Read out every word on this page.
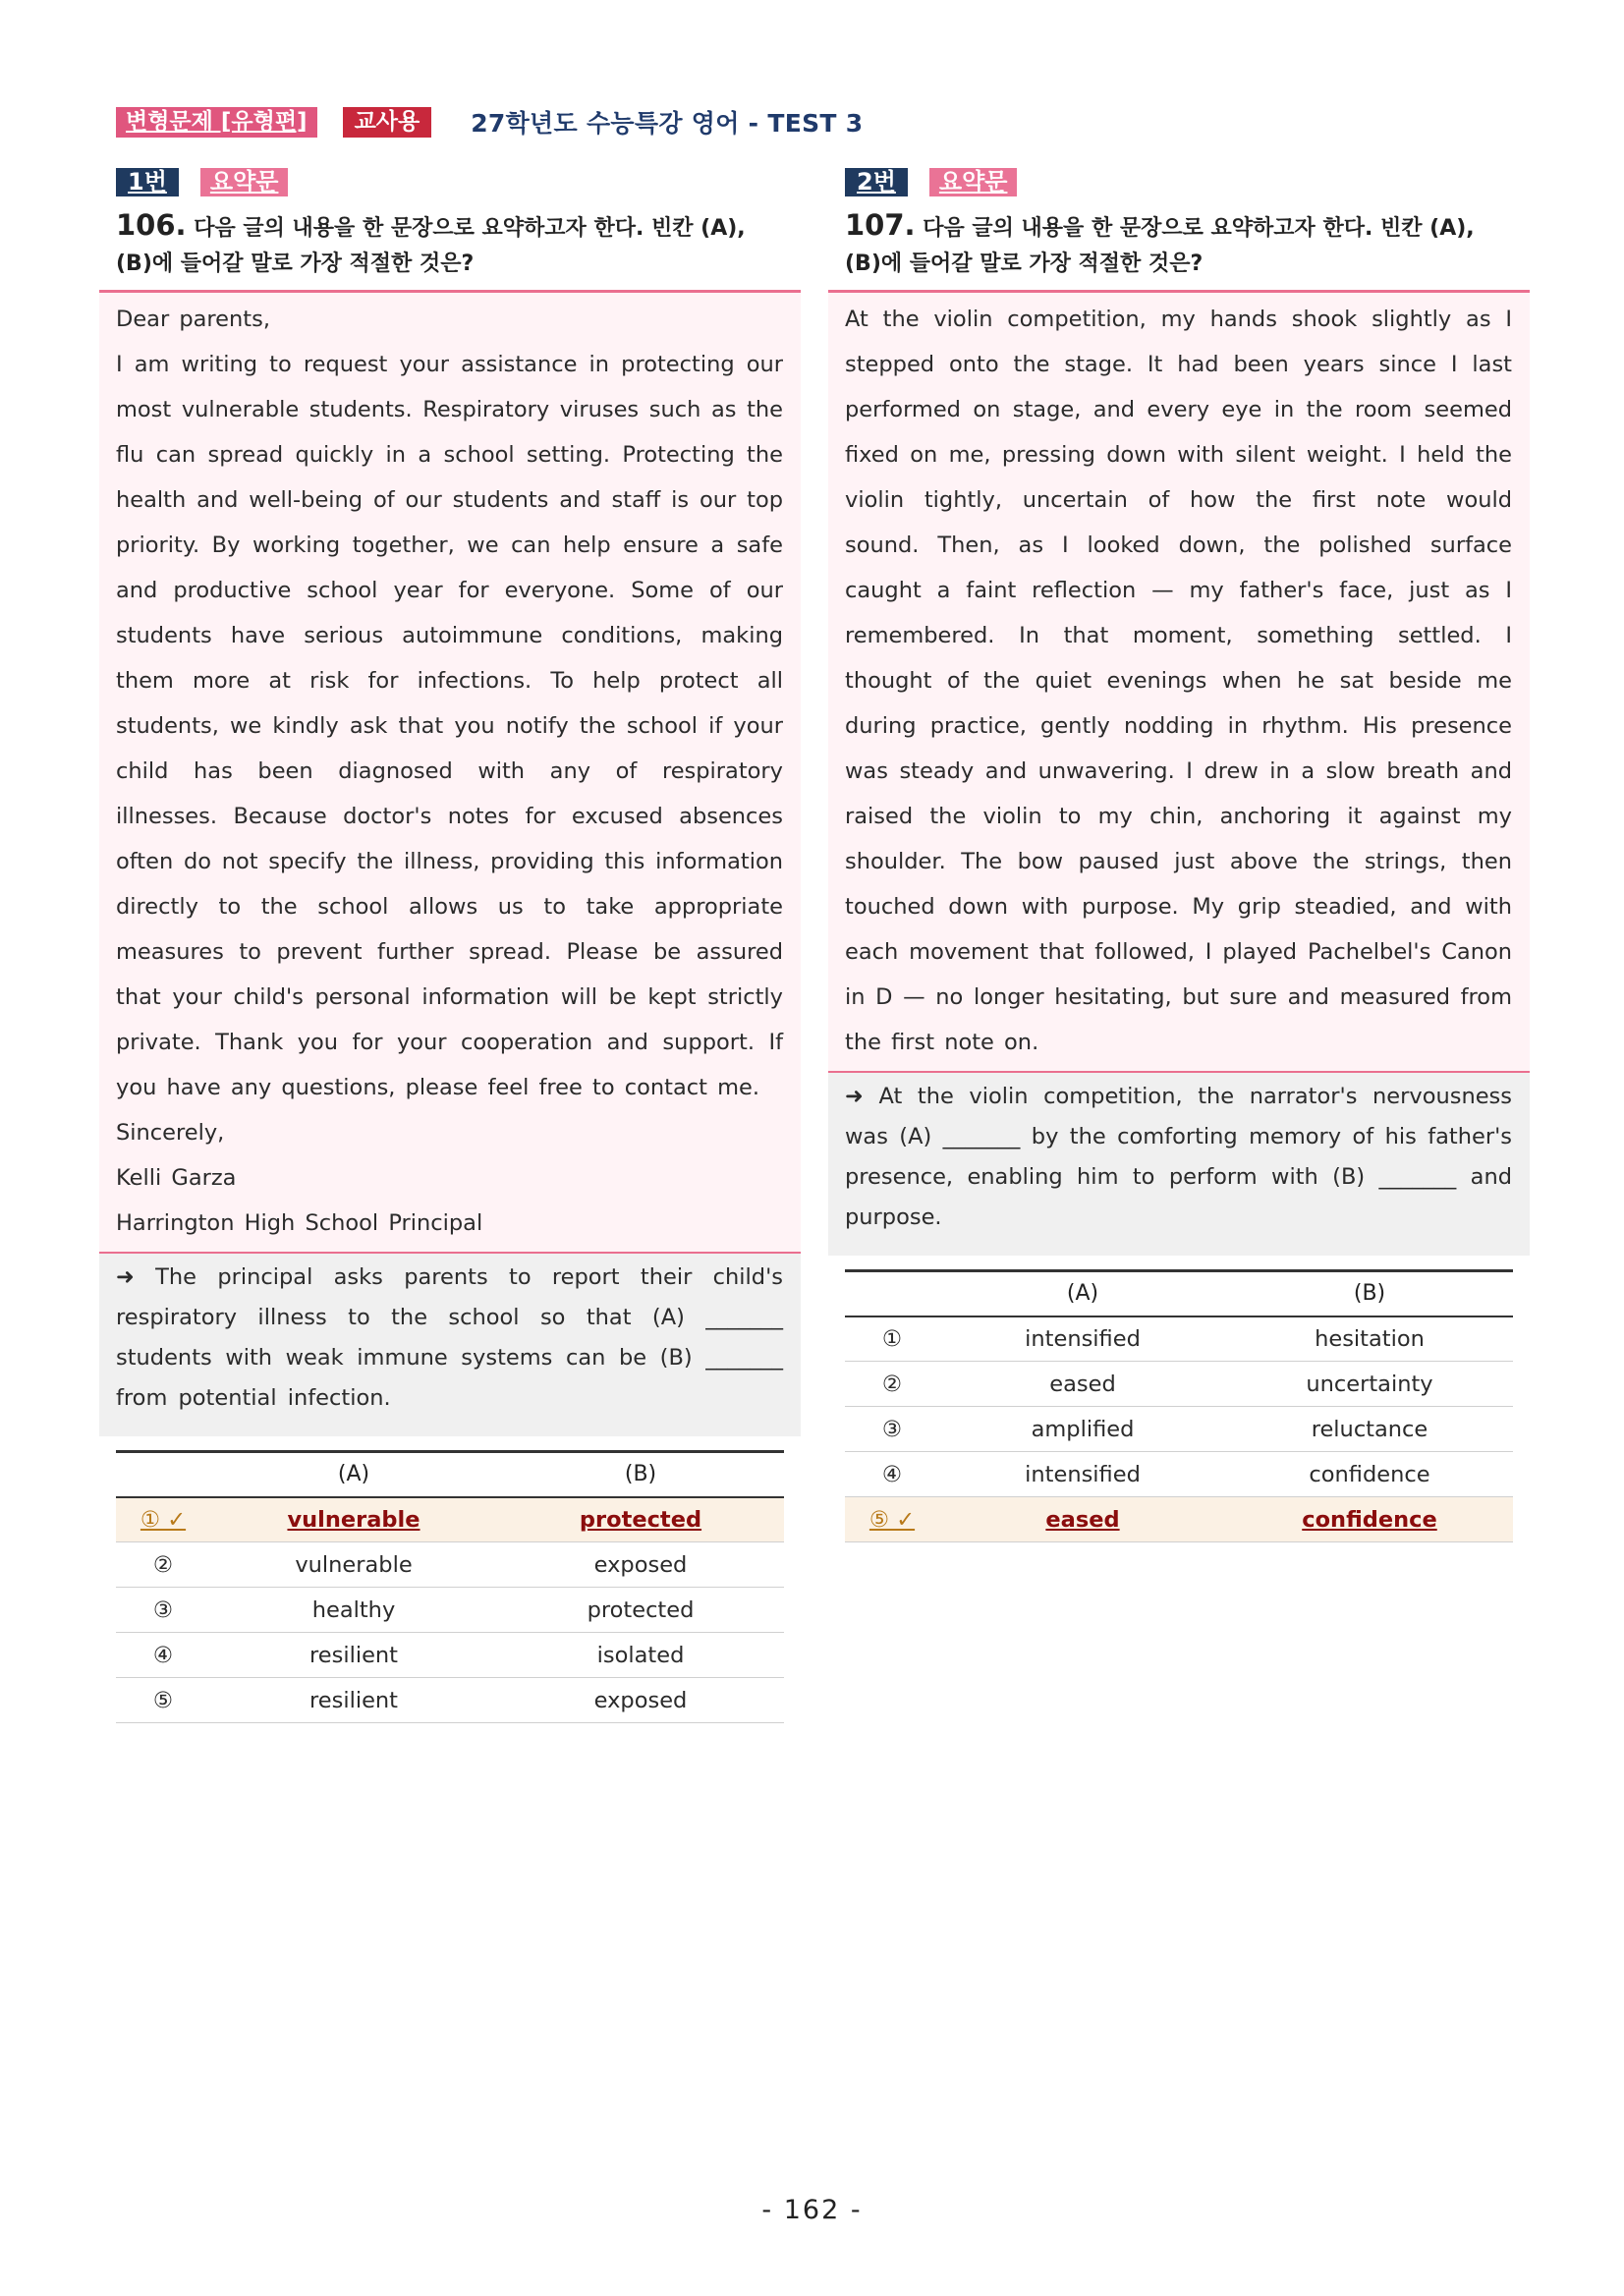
변형문제 [유형편]	교사용	27학년도 수능특강 영어 - TEST 3
1번	요약문
106. 다음 글의 내용을 한 문장으로 요약하고자 한다. 빈칸 (A), (B)에 들어갈 말로 가장 적절한 것은?

Dear parents,

I am writing to request your assistance in protecting our most vulnerable students. Respiratory viruses such as the flu can spread quickly in a school setting. Protecting the health and well-being of our students and staff is our top priority. By working together, we can help ensure a safe and productive school year for everyone. Some of our students have serious autoimmune conditions, making them more at risk for infections. To help protect all students, we kindly ask that you notify the school if your child has been diagnosed with any of respiratory illnesses. Because doctor's notes for excused absences often do not specify the illness, providing this information directly to the school allows us to take appropriate measures to prevent further spread. Please be assured that your child's personal information will be kept strictly private. Thank you for your cooperation and support. If you have any questions, please feel free to contact me.

Sincerely,

Kelli Garza

Harrington High School Principal

➜ The principal asks parents to report their child's respiratory illness to the school so that (A) _______ students with weak immune systems can be (B) _______ from potential infection.

	(A)	(B)
① ✓	vulnerable	protected
②	vulnerable	exposed
③	healthy	protected
④	resilient	isolated
⑤	resilient	exposed
2번	요약문
107. 다음 글의 내용을 한 문장으로 요약하고자 한다. 빈칸 (A), (B)에 들어갈 말로 가장 적절한 것은?

At the violin competition, my hands shook slightly as I stepped onto the stage. It had been years since I last performed on stage, and every eye in the room seemed fixed on me, pressing down with silent weight. I held the violin tightly, uncertain of how the first note would sound. Then, as I looked down, the polished surface caught a faint reflection — my father's face, just as I remembered. In that moment, something settled. I thought of the quiet evenings when he sat beside me during practice, gently nodding in rhythm. His presence was steady and unwavering. I drew in a slow breath and raised the violin to my chin, anchoring it against my shoulder. The bow paused just above the strings, then touched down with purpose. My grip steadied, and with each movement that followed, I played Pachelbel's Canon in D — no longer hesitating, but sure and measured from the first note on.

➜ At the violin competition, the narrator's nervousness was (A) _______ by the comforting memory of his father's presence, enabling him to perform with (B) _______ and purpose.

	(A)	(B)
①	intensified	hesitation
②	eased	uncertainty
③	amplified	reluctance
④	intensified	confidence
⑤ ✓	eased	confidence
- 162 -
